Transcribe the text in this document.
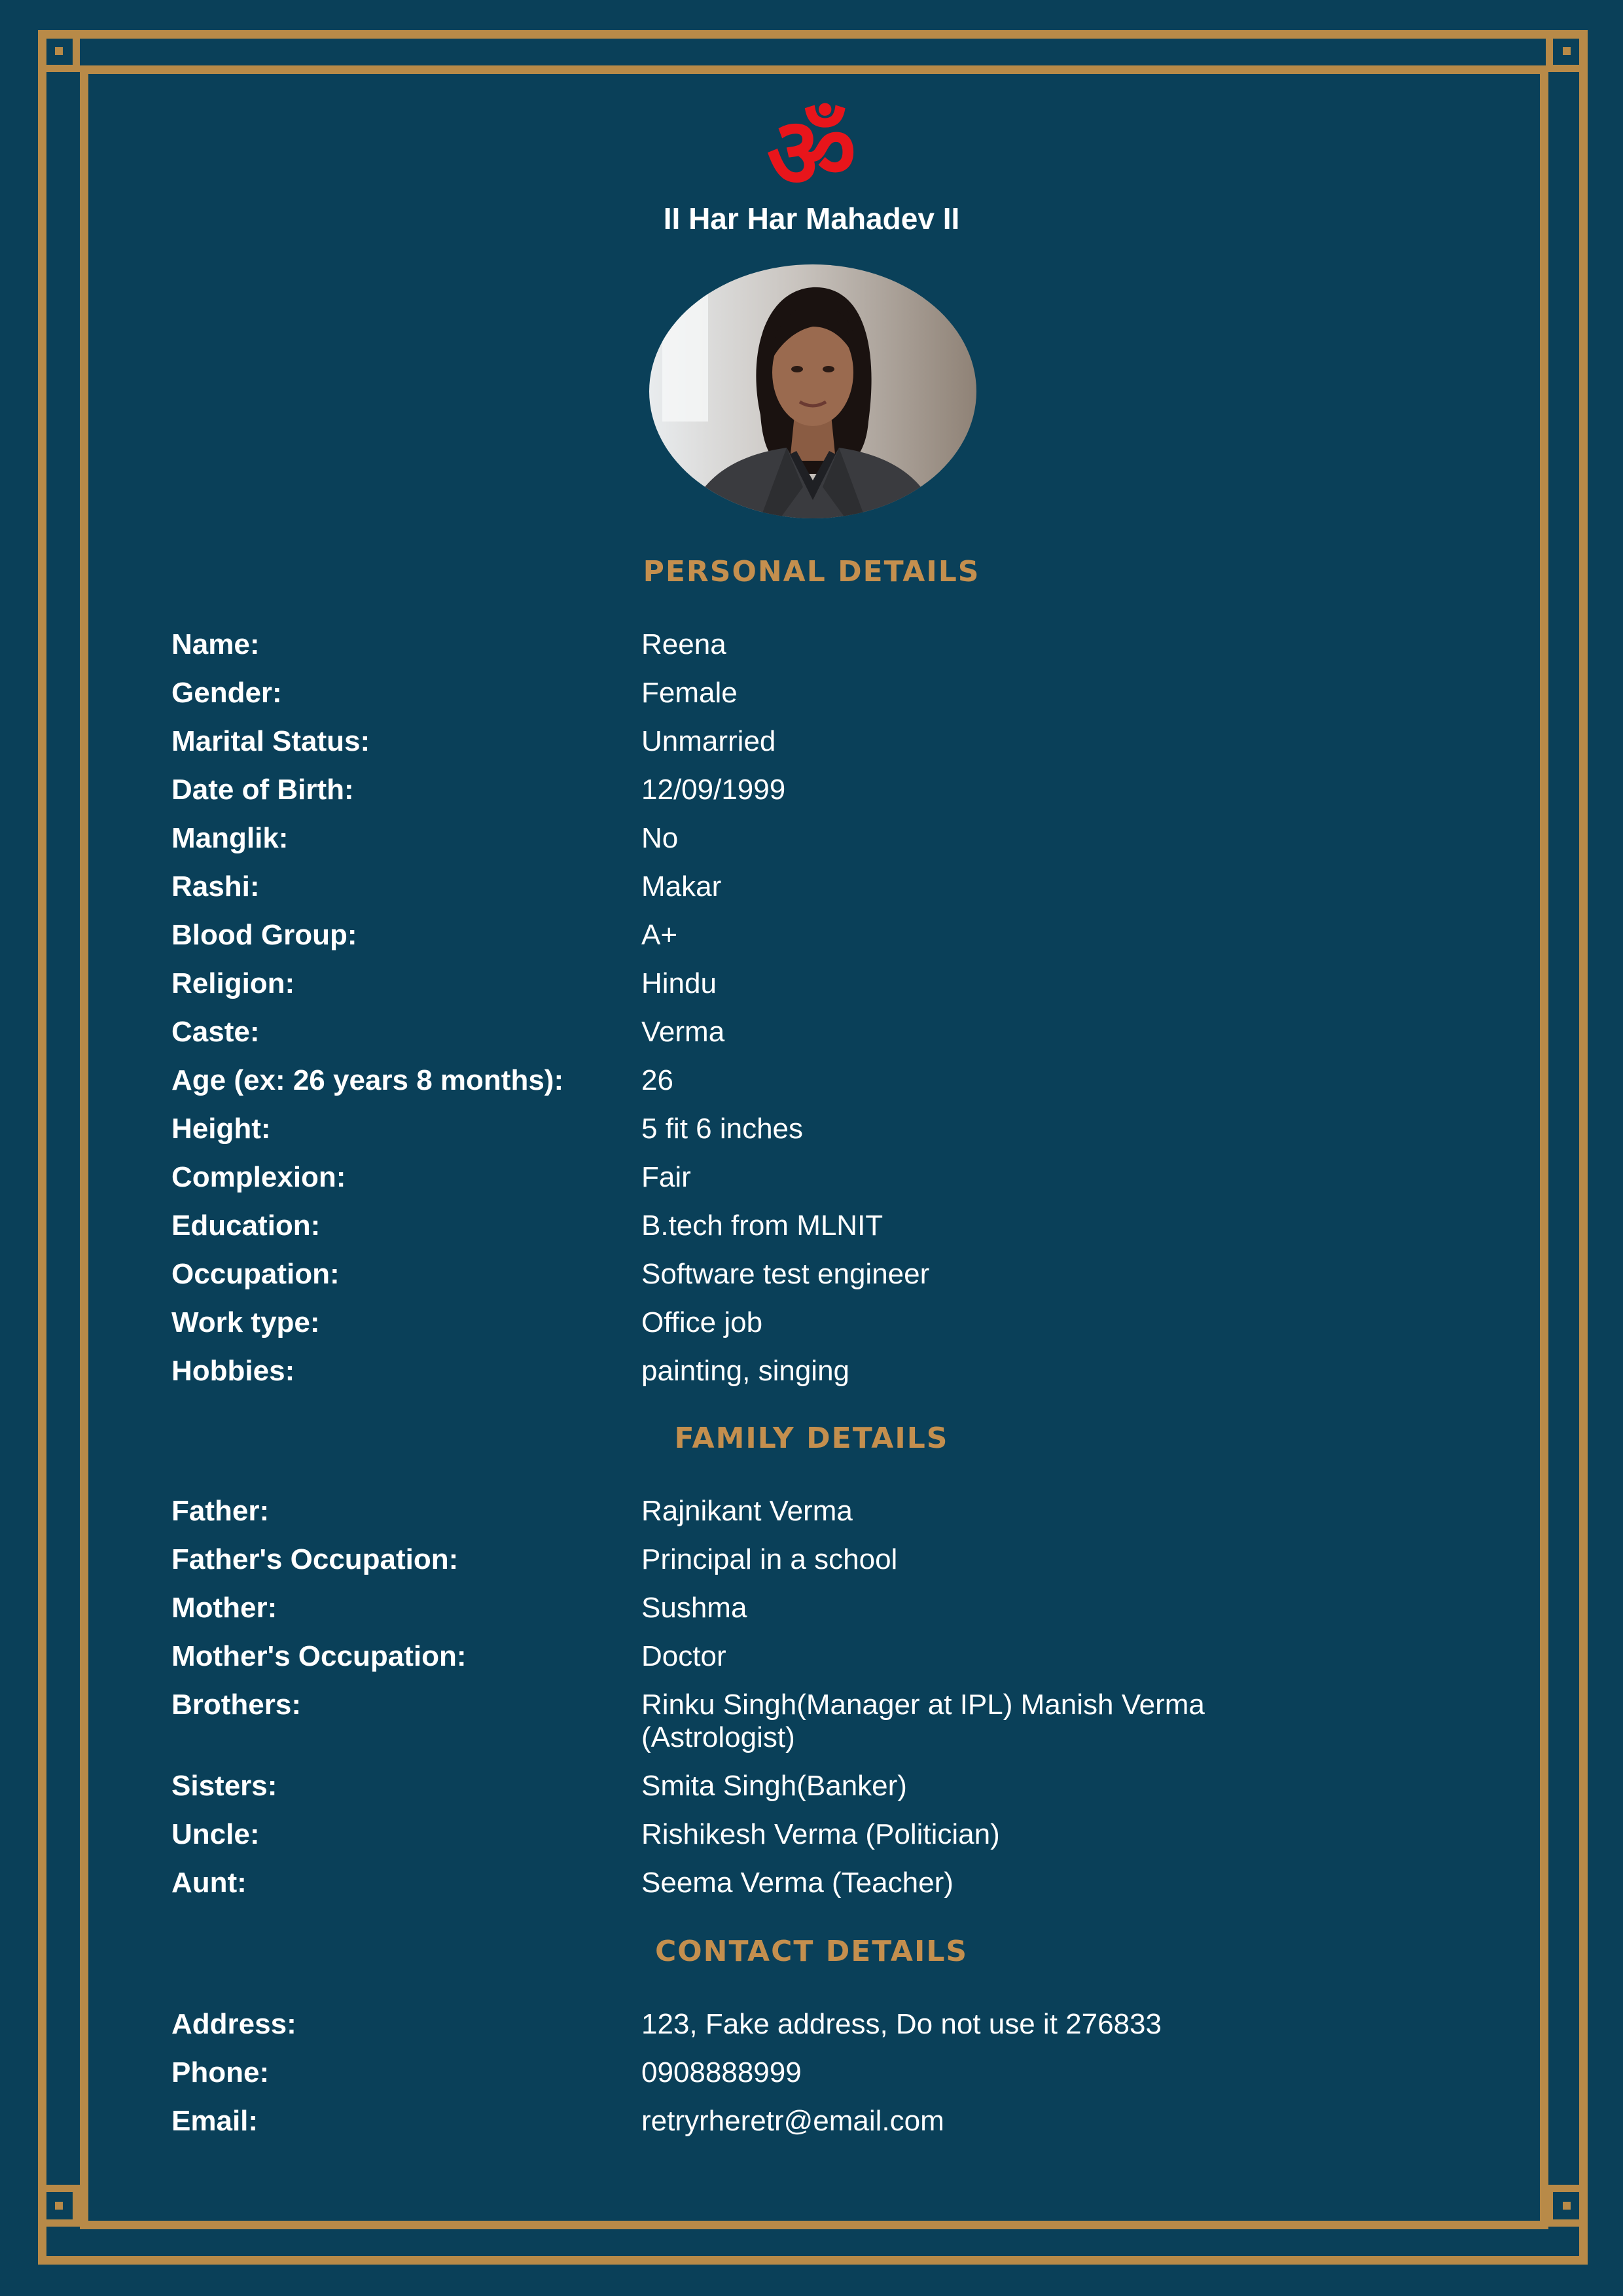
ॐ
II Har Har Mahadev II
PERSONAL DETAILS
Name:	Reena
Gender:	Female
Marital Status:	Unmarried
Date of Birth:	12/09/1999
Manglik:	No
Rashi:	Makar
Blood Group:	A+
Religion:	Hindu
Caste:	Verma
Age (ex: 26 years 8 months):	26
Height:	5 fit 6 inches
Complexion:	Fair
Education:	B.tech from MLNIT
Occupation:	Software test engineer
Work type:	Office job
Hobbies:	painting, singing
FAMILY DETAILS
Father:	Rajnikant Verma
Father's Occupation:	Principal in a school
Mother:	Sushma
Mother's Occupation:	Doctor
Brothers:	Rinku Singh(Manager at IPL) Manish Verma (Astrologist)
Sisters:	Smita Singh(Banker)
Uncle:	Rishikesh Verma (Politician)
Aunt:	Seema Verma (Teacher)
CONTACT DETAILS
Address:	123, Fake address, Do not use it 276833
Phone:	0908888999
Email:	retryrheretr@email.com
